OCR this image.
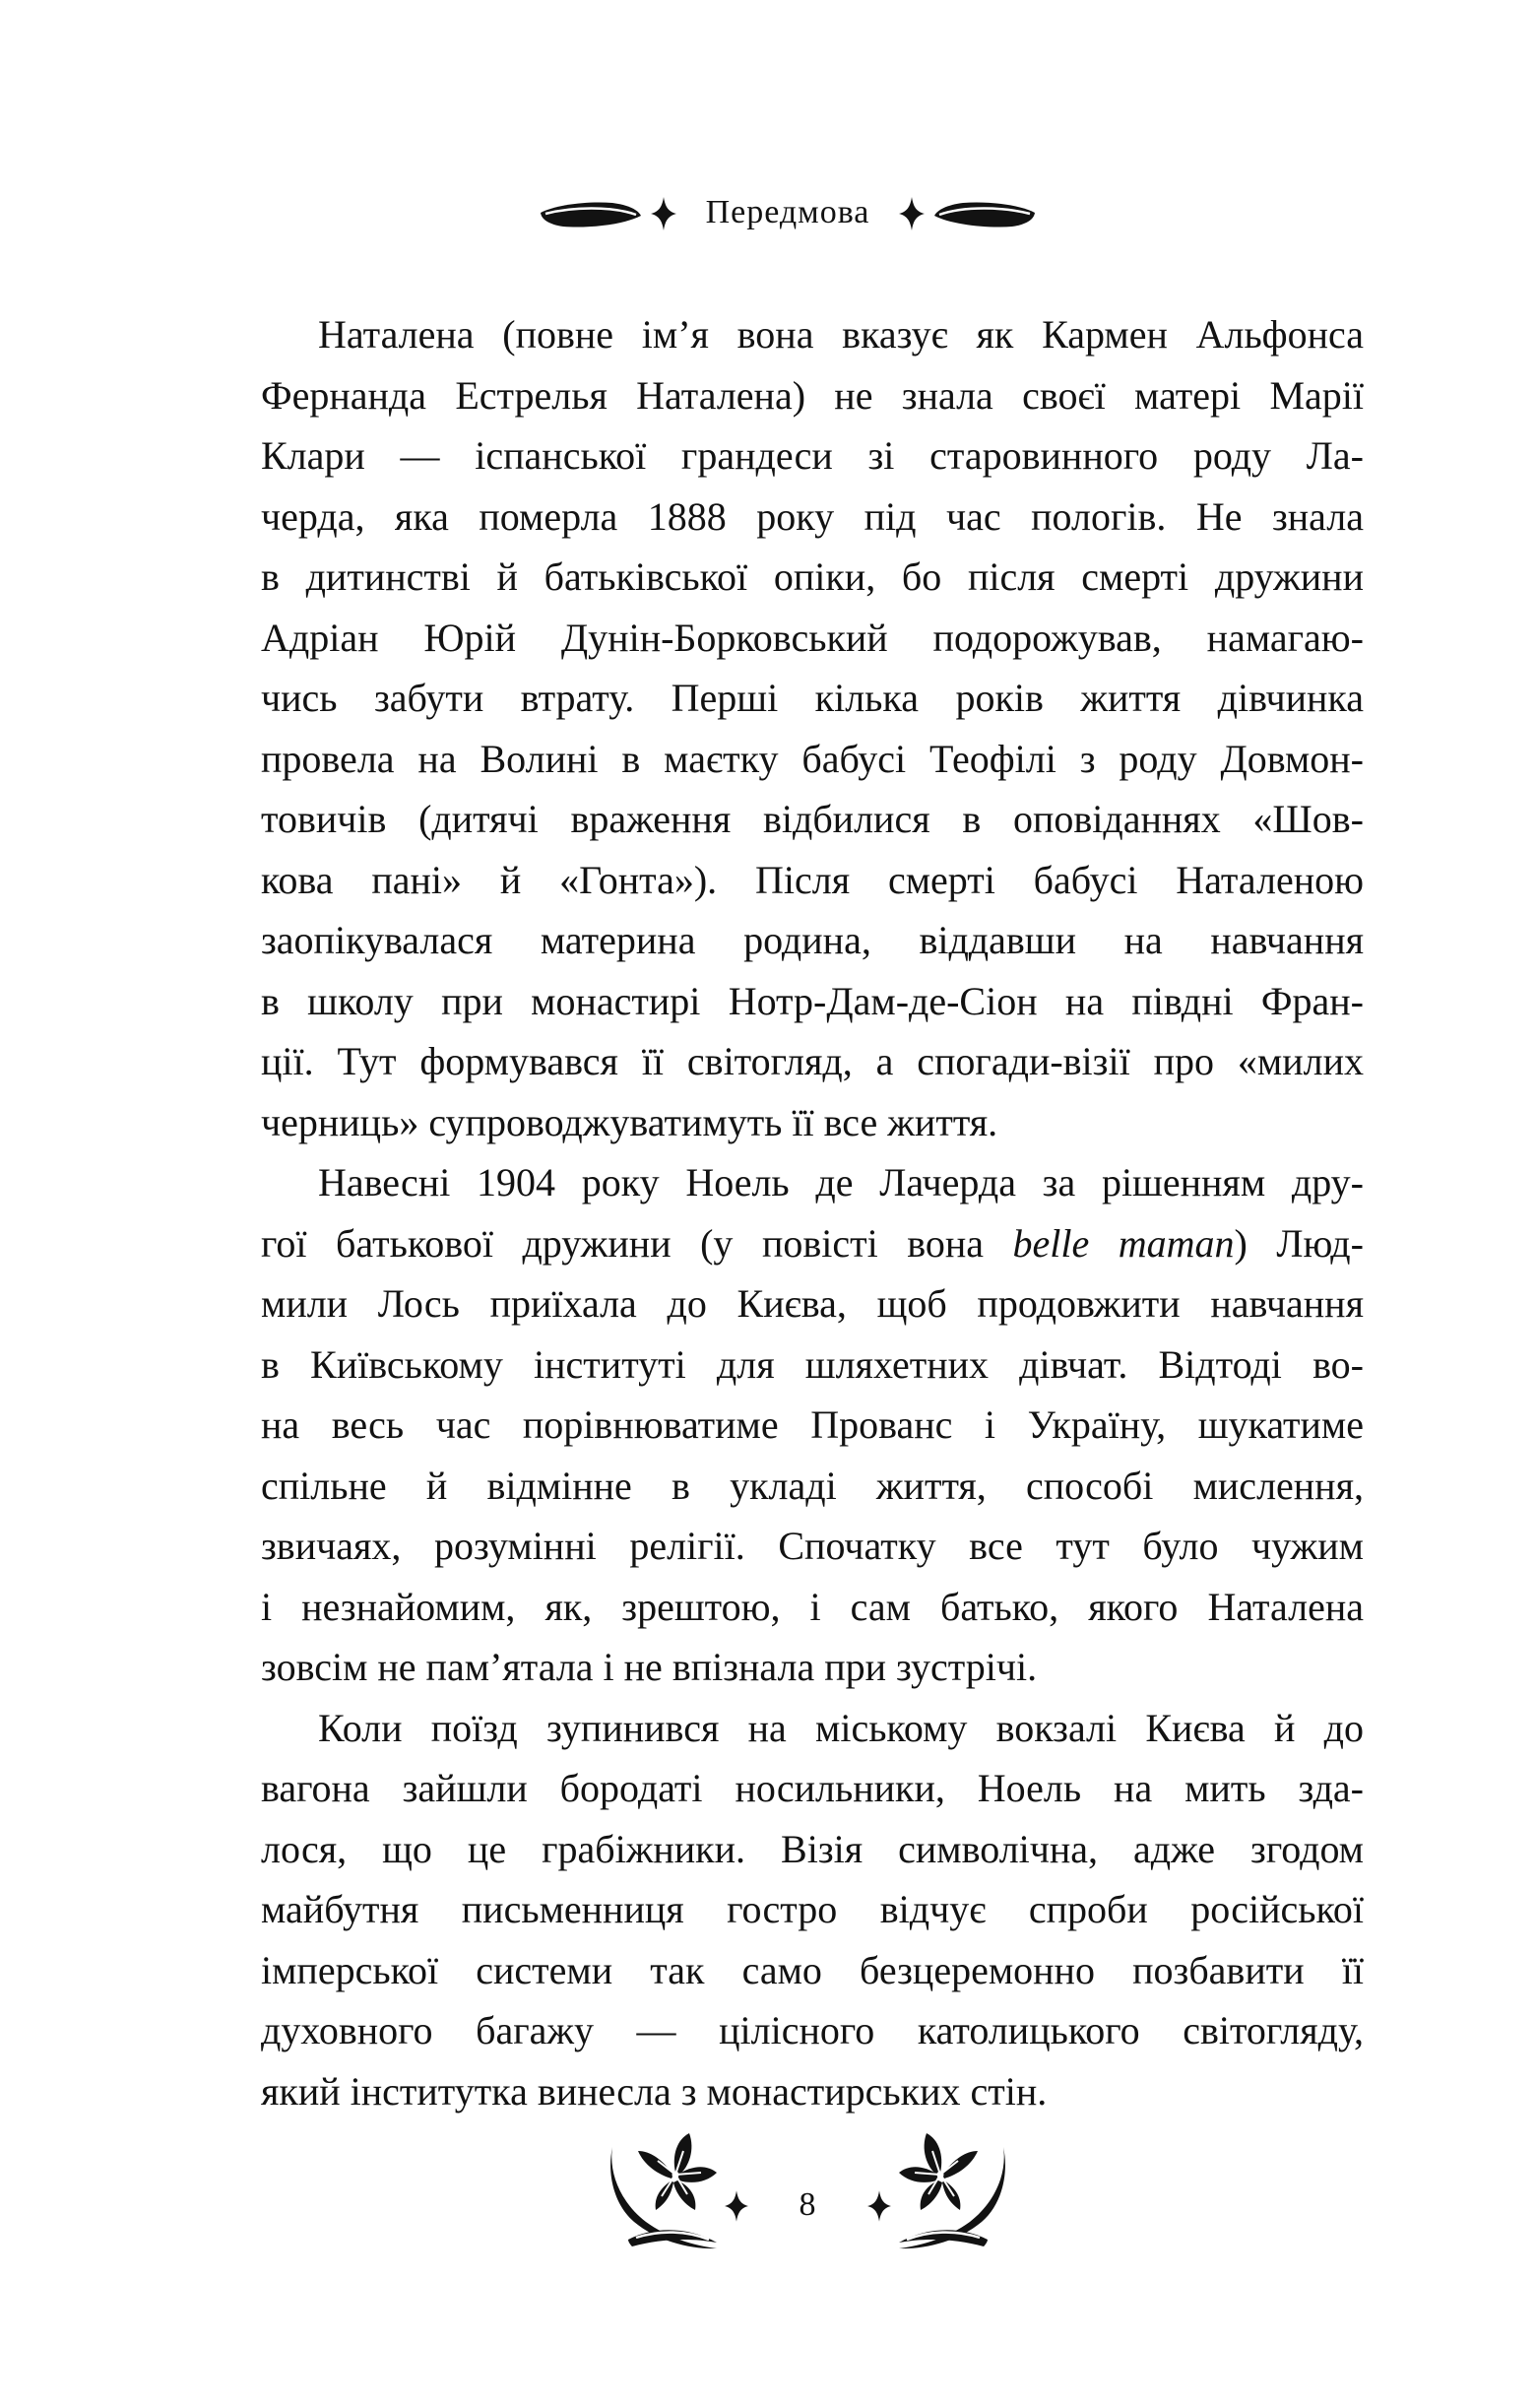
Передмова
Наталена (повне ім’я вона вказує як Кармен Альфонса
Фернанда Естрелья Наталена) не знала своєї матері Марії
Клари — іспанської грандеси зі старовинного роду Ла-
черда, яка померла 1888 року під час пологів. Не знала
в дитинстві й батьківської опіки, бо після смерті дружини
Адріан Юрій Дунін-Борковський подорожував, намагаю-
чись забути втрату. Перші кілька років життя дівчинка
провела на Волині в маєтку бабусі Теофілі з роду Довмон-
товичів (дитячі враження відбилися в оповіданнях «Шов-
кова пані» й «Гонта»). Після смерті бабусі Наталеною
заопікувалася материна родина, віддавши на навчання
в школу при монастирі Нотр-Дам-де-Сіон на півдні Фран-
ції. Тут формувався її світогляд, а спогади-візії про «милих
черниць» супроводжуватимуть її все життя.
Навесні 1904 року Ноель де Лачерда за рішенням дру-
гої батькової дружини (у повісті вона belle maman) Люд-
мили Лось приїхала до Києва, щоб продовжити навчання
в Київському інституті для шляхетних дівчат. Відтоді во-
на весь час порівнюватиме Прованс і Україну, шукатиме
спільне й відмінне в укладі життя, способі мислення,
звичаях, розумінні релігії. Спочатку все тут було чужим
і незнайомим, як, зрештою, і сам батько, якого Наталена
зовсім не пам’ятала і не впізнала при зустрічі.
Коли поїзд зупинився на міському вокзалі Києва й до
вагона зайшли бородаті носильники, Ноель на мить зда-
лося, що це грабіжники. Візія символічна, адже згодом
майбутня письменниця гостро відчує спроби російської
імперської системи так само безцеремонно позбавити її
духовного багажу — цілісного католицького світогляду,
який інститутка винесла з монастирських стін.
8
